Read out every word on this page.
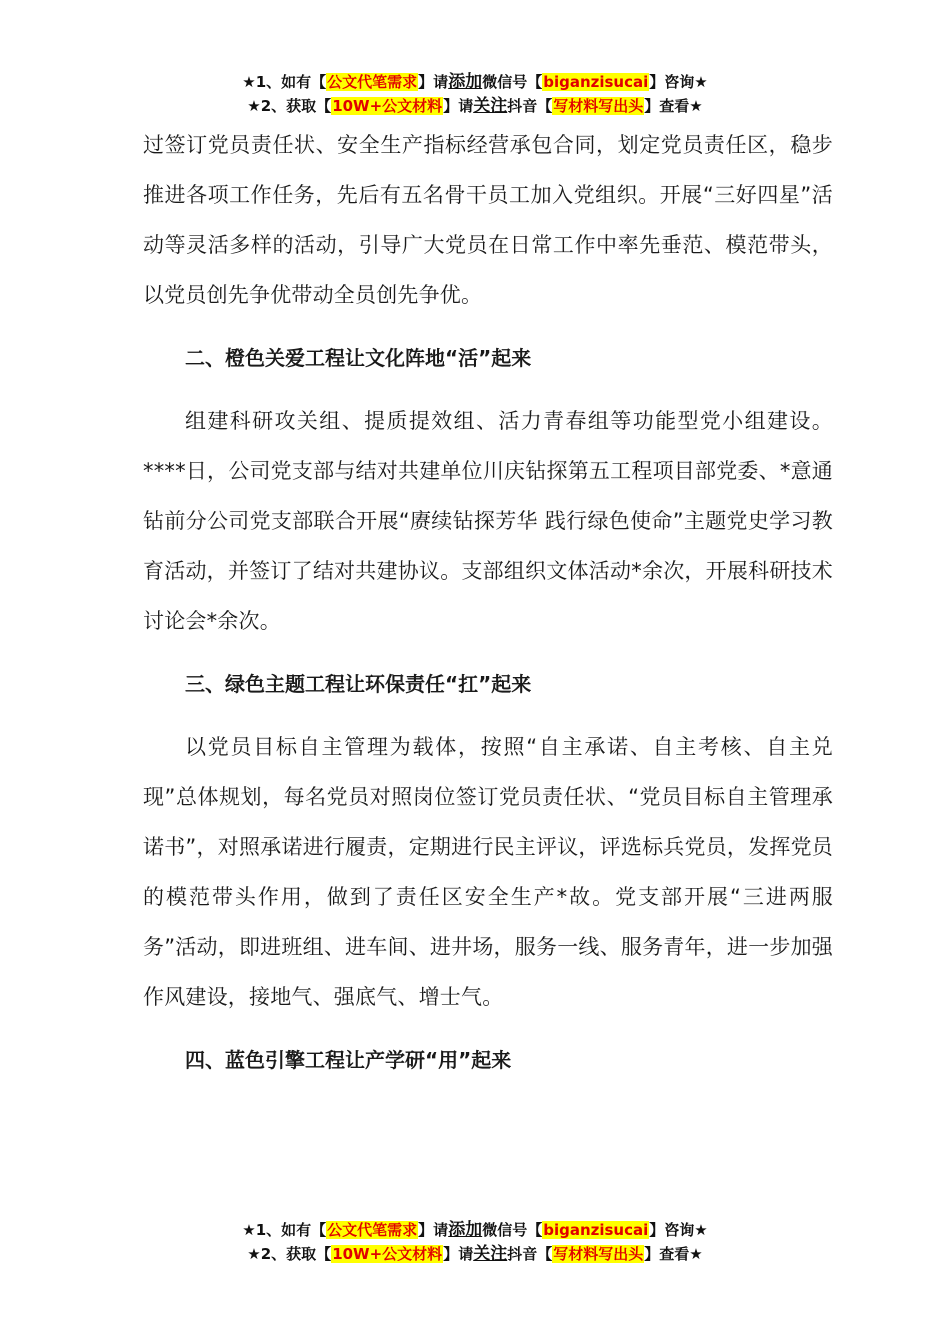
★1、如有【公文代笔需求】请添加微信号【biganzisucai】咨询★
★2、获取【10W+公文材料】请关注抖音【写材料写出头】查看★

过签订党员责任状、安全生产指标经营承包合同，划定党员责任区，稳步推进各项工作任务，先后有五名骨干员工加入党组织。开展“三好四星”活动等灵活多样的活动，引导广大党员在日常工作中率先垂范、模范带头，以党员创先争优带动全员创先争优。

二、橙色关爱工程让文化阵地“活”起来

组建科研攻关组、提质提效组、活力青春组等功能型党小组建设。****日，公司党支部与结对共建单位川庆钻探第五工程项目部党委、*意通钻前分公司党支部联合开展“赓续钻探芳华 践行绿色使命”主题党史学习教育活动，并签订了结对共建协议。支部组织文体活动*余次，开展科研技术讨论会*余次。

三、绿色主题工程让环保责任“扛”起来

以党员目标自主管理为载体，按照“自主承诺、自主考核、自主兑现”总体规划，每名党员对照岗位签订党员责任状、“党员目标自主管理承诺书”，对照承诺进行履责，定期进行民主评议，评选标兵党员，发挥党员的模范带头作用，做到了责任区安全生产*故。党支部开展“三进两服务”活动，即进班组、进车间、进井场，服务一线、服务青年，进一步加强作风建设，接地气、强底气、增士气。

四、蓝色引擎工程让产学研“用”起来

★1、如有【公文代笔需求】请添加微信号【biganzisucai】咨询★
★2、获取【10W+公文材料】请关注抖音【写材料写出头】查看★
